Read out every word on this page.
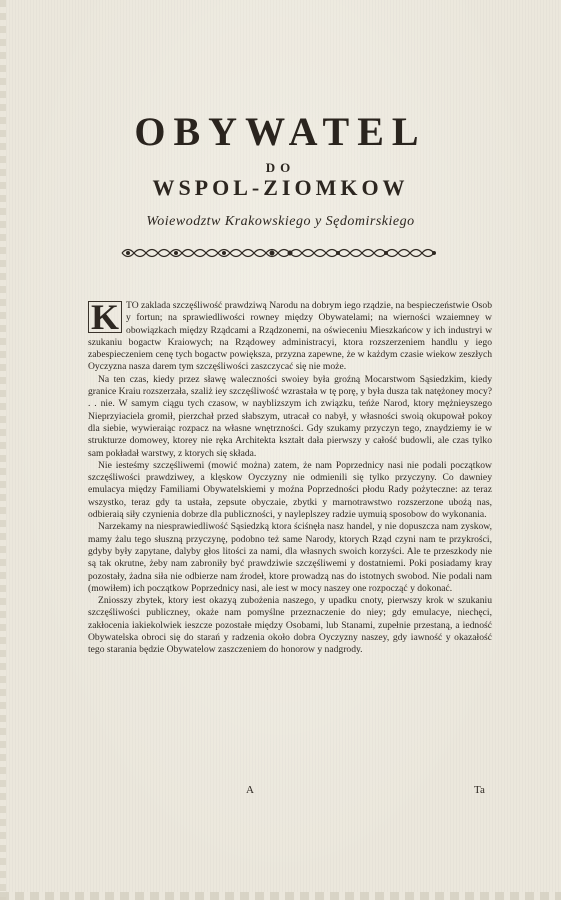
OBYWATEL
DO
WSPOL-ZIOMKOW
Woiewodztw Krakowskiego y Sędomirskiego

K TO zaklada szczęśliwość prawdziwą Narodu na dobrym iego rządzie, na bespieczeństwie Osob y fortun; na sprawiedliwości rowney między Obywatelami; na wierności wzaiemney w obowiązkach między Rządcami a Rządzonemi, na oświeceniu Mieszkańcow y ich industryi w szukaniu bogactw Kraiowych; na Rządowey administracyi, ktora rozszerzeniem handlu y iego zabespieczeniem cenę tych bogactw powiększa, przyzna zapewne, że w każdym czasie wiekow zeszłych Oyczyzna nasza darem tym szczęśliwości zaszczycać się nie może.

Na ten czas, kiedy przez sławę waleczności swoiey była groźną Mocarstwom Sąsiedzkim, kiedy granice Kraiu rozszerzała, szaliż iey szczęśliwość wzrastała w tę porę, y była dusza tak natężoney mocy? . . nie. W samym ciągu tych czasow, w nayblizszym ich związku, teńże Narod, ktory mężnieyszego Nieprzyiaciela gromił, pierzchał przed słabszym, utracał co nabył, y własności swoią okupował pokoy dla siebie, wywieraiąc rozpacz na własne wnętrzności. Gdy szukamy przyczyn tego, znaydziemy ie w strukturze domowey, ktorey nie ręka Architekta kształt dała pierwszy y całość budowli, ale czas tylko sam pokładał warstwy, z ktorych się składa.

Nie iesteśmy szczęśliwemi (mowić można) zatem, że nam Poprzednicy nasi nie podali początkow szczęśliwości prawdziwey, a klęskow Oyczyzny nie odmienili się tylko przyczyny. Co dawniey emulacya między Familiami Obywatelskiemi y moźna Poprzedności płodu Rady pożyteczne: az teraz wszystko, teraz gdy ta ustała, zepsute obyczaie, zbytki y marnotrawstwo rozszerzone uboźą nas, odbieraią siły czynienia dobrze dla publiczności, y nayleplszey radzie uymuią sposobow do wykonania.

Narzekamy na niesprawiedliwość Sąsiedzką ktora ściśnęła nasz handel, y nie dopuszcza nam zyskow, mamy żalu tego słuszną przyczynę, podobno też same Narody, ktorych Rząd czyni nam te przykrości, gdyby były zapytane, dalyby głos litości za nami, dla własnych swoich korzyści. Ale te przeszkody nie są tak okrutne, żeby nam zabroniły być prawdziwie szczęśliwemi y dostatniemi. Poki posiadamy kray pozostały, żadna siła nie odbierze nam źrodeł, ktore prowadzą nas do istotnych swobod. Nie podali nam (mowiłem) ich początkow Poprzednicy nasi, ale iest w mocy naszey one rozpocząć y dokonać.

Zniosszy zbytek, ktory iest okazyą zubożenia naszego, y upadku cnoty, pierwszy krok w szukaniu szczęśliwości publiczney, okaże nam pomyślne przeznaczenie do niey; gdy emulacye, niechęci, zakłocenia iakiekolwiek ieszcze pozostałe między Osobami, lub Stanami, zupełnie przestaną, a iedność Obywatelska obroci się do starań y radzenia około dobra Oyczyzny naszey, gdy iawność y okazałość tego starania będzie Obywatelow zaszczeniem do honorow y nadgrody.

A	Ta
